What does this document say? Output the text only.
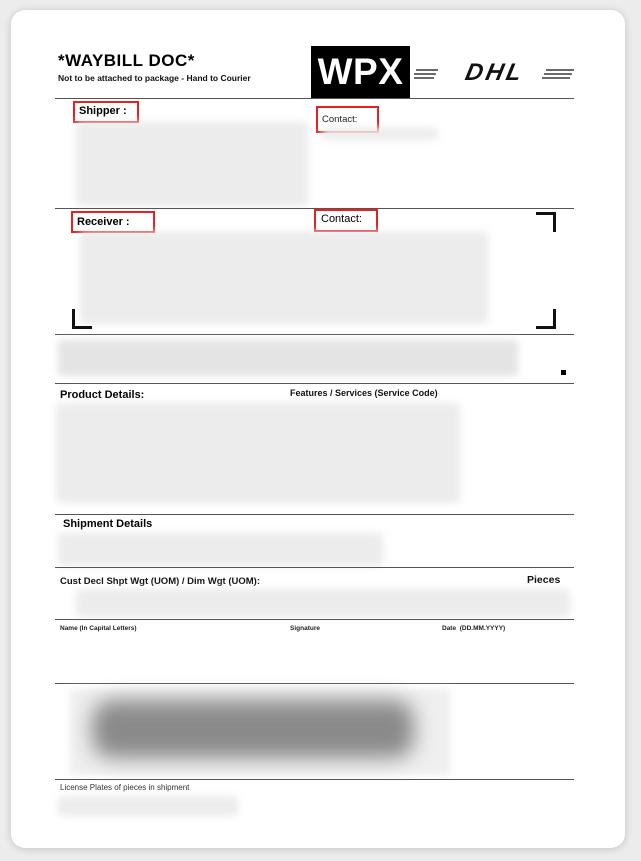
*WAYBILL DOC*
Not to be attached to package - Hand to Courier WPX DHL
Shipper :
Contact:
Receiver :	Contact:
Product Details:	Features / Services (Service Code)
Shipment Details
Cust Decl Shpt Wgt (UOM) / Dim Wgt (UOM):	Pieces
Name (In Capital Letters)	Signature	Date (DD.MM.YYYY)
License Plates of pieces in shipment
